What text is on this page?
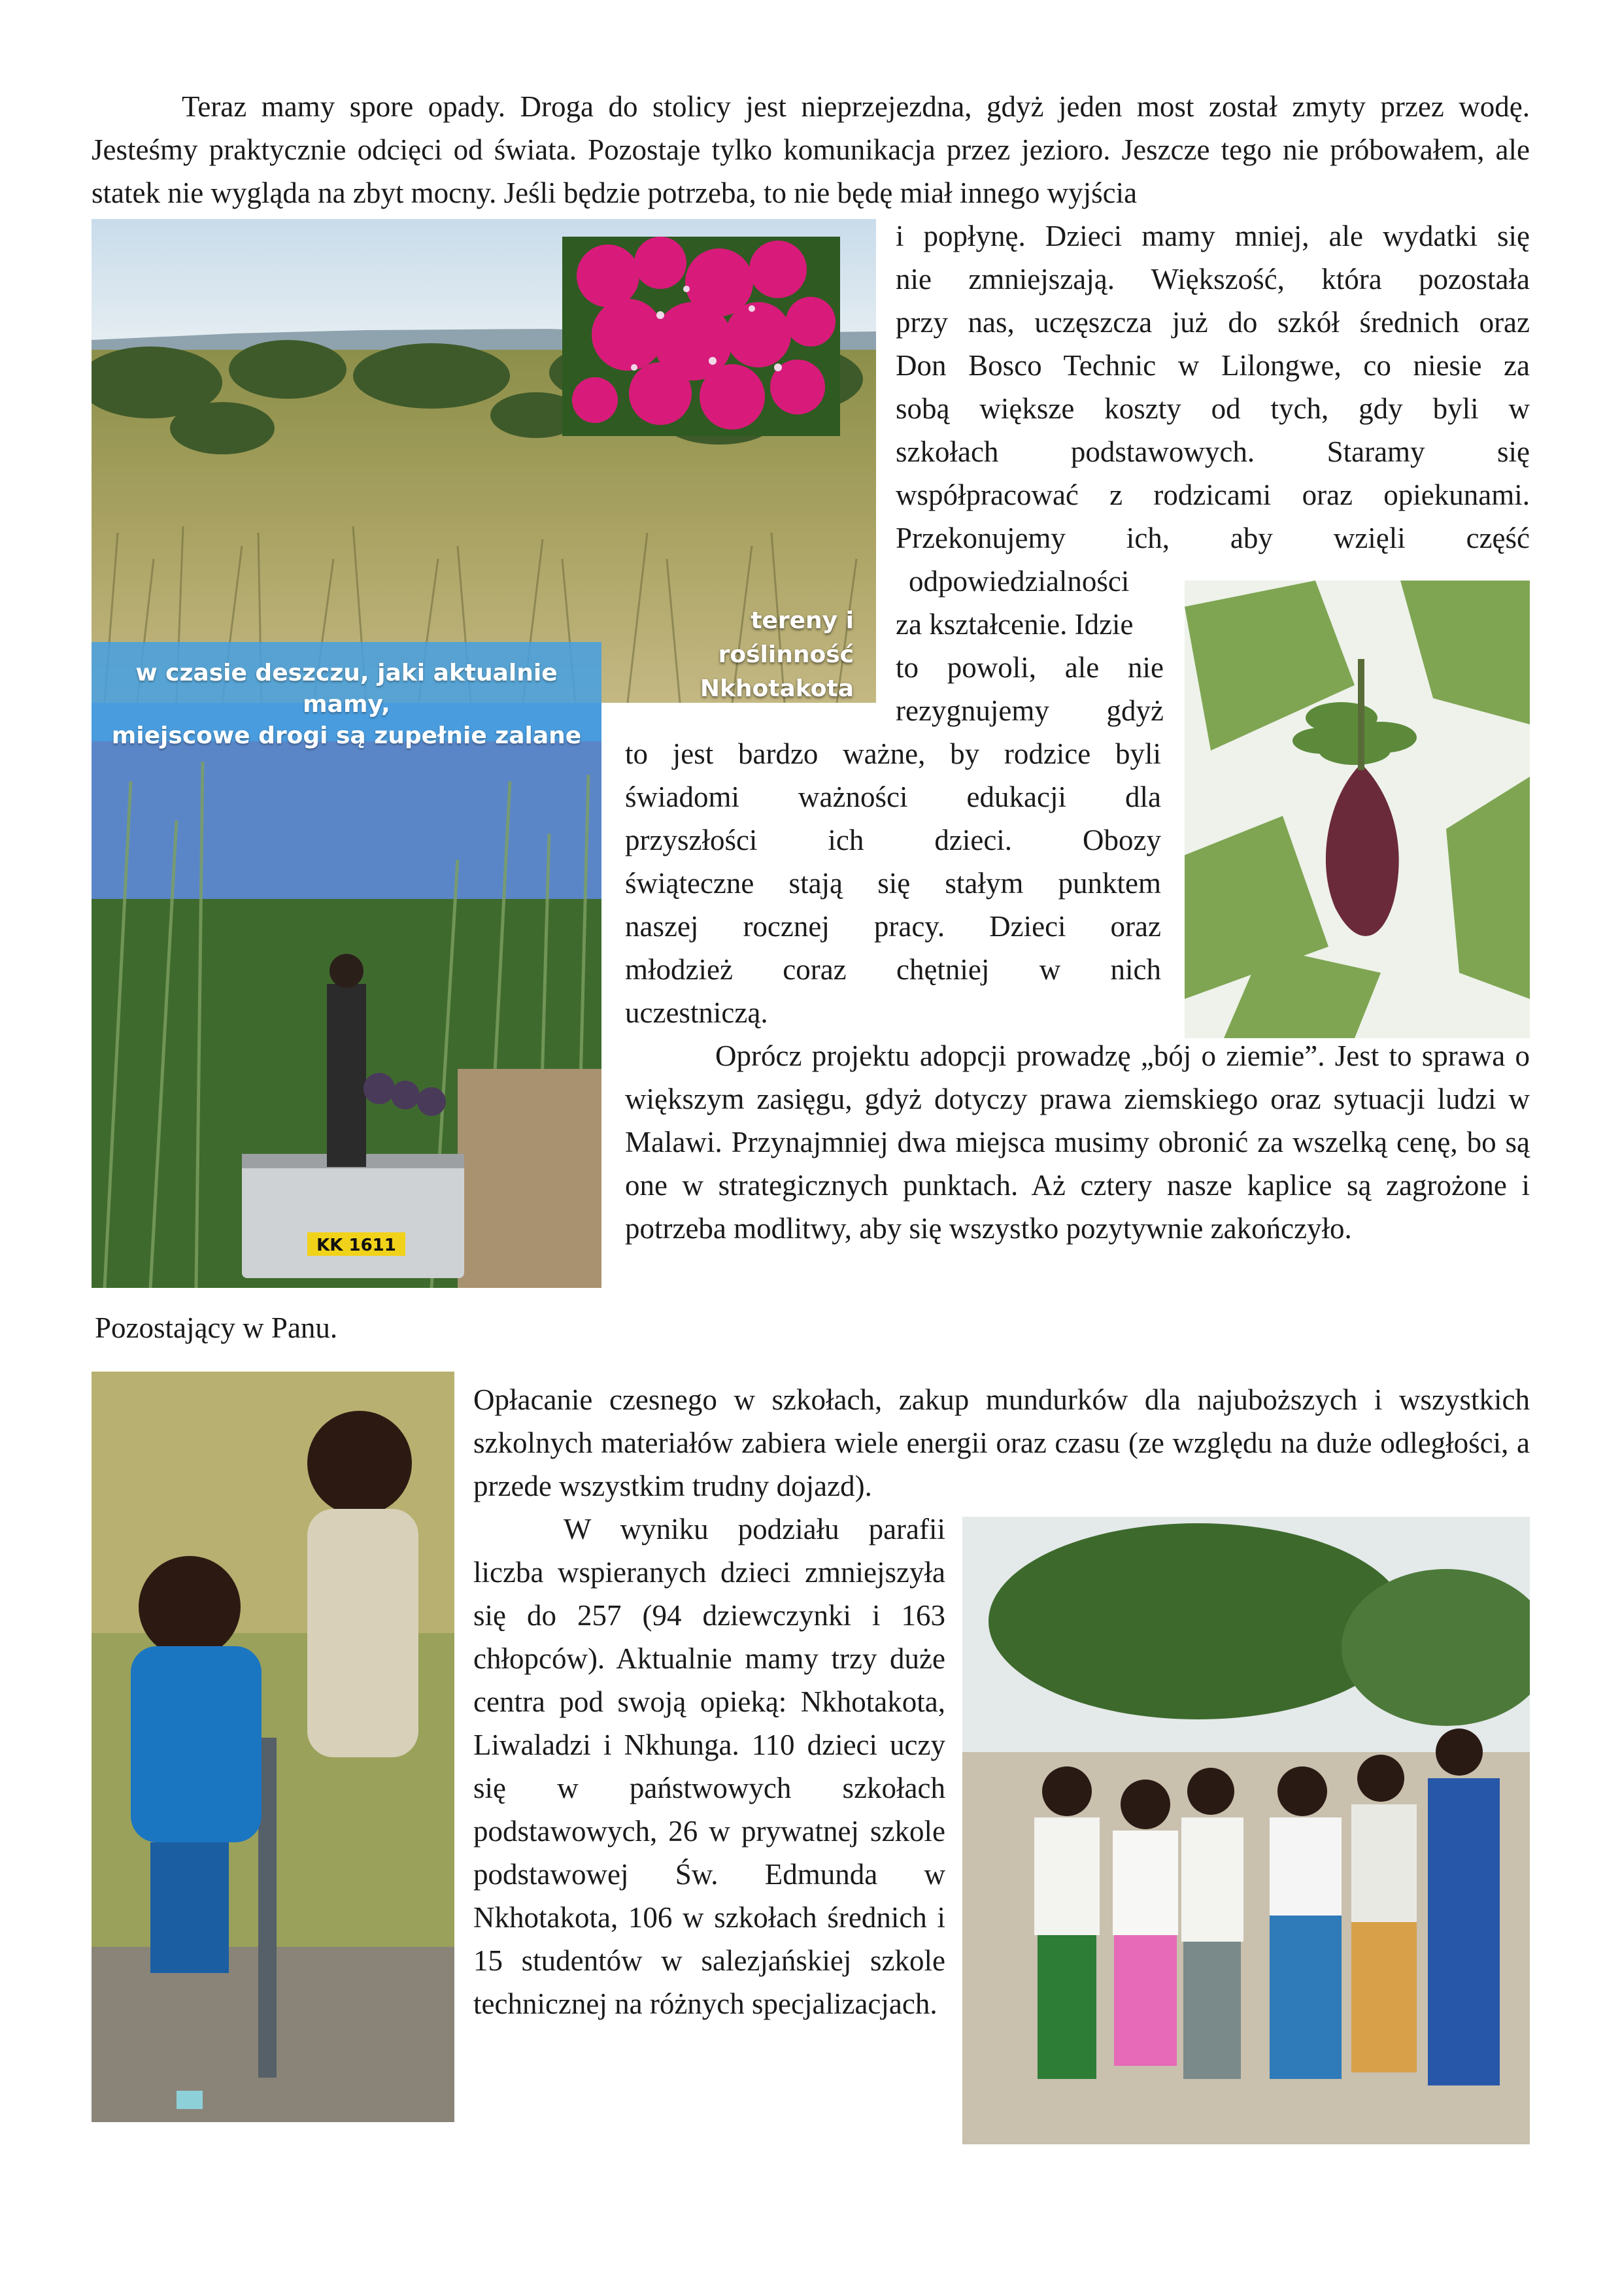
Teraz mamy spore opady. Droga do stolicy jest nieprzejezdna, gdyż jeden most został zmyty przez wodę. Jesteśmy praktycznie odcięci od świata. Pozostaje tylko komunikacja przez jezioro. Jeszcze tego nie próbowałem, ale statek nie wygląda na zbyt mocny. Jeśli będzie potrzeba, to nie będę miał innego wyjścia
tereny i roślinność
Nkhotakota
KK 1611
w czasie deszczu, jaki aktualnie mamy,
miejscowe drogi są zupełnie zalane
i popłynę. Dzieci mamy mniej, ale wydatki się
nie zmniejszają. Większość, która pozostała
przy nas, uczęszcza już do szkół średnich oraz
Don Bosco Technic w Lilongwe, co niesie za
sobą większe koszty od tych, gdy byli w
szkołach podstawowych. Staramy się
współpracować z rodzicami oraz opiekunami.
Przekonujemy ich, aby wzięli część
odpowiedzialności
za kształcenie. Idzie
to powoli, ale nie
rezygnujemy gdyż
to jest bardzo ważne, by rodzice byli
świadomi ważności edukacji dla
przyszłości ich dzieci. Obozy
świąteczne stają się stałym punktem
naszej rocznej pracy. Dzieci oraz
młodzież coraz chętniej w nich
uczestniczą.
Oprócz projektu adopcji prowadzę „bój o ziemie”. Jest to sprawa o większym zasięgu, gdyż dotyczy prawa ziemskiego oraz sytuacji ludzi w Malawi. Przynajmniej dwa miejsca musimy obronić za wszelką cenę, bo są one w strategicznych punktach. Aż cztery nasze kaplice są zagrożone i potrzeba modlitwy, aby się wszystko pozytywnie zakończyło.
Pozostający w Panu.
Opłacanie czesnego w szkołach, zakup mundurków dla najuboższych i wszystkich szkolnych materiałów zabiera wiele energii oraz czasu (ze względu na duże odległości, a przede wszystkim trudny dojazd).
W wyniku podziału parafii liczba wspieranych dzieci zmniejszyła się do 257 (94 dziewczynki i 163 chłopców). Aktualnie mamy trzy duże centra pod swoją opieką: Nkhotakota, Liwaladzi i Nkhunga. 110 dzieci uczy się w państwowych szkołach podstawowych, 26 w prywatnej szkole podstawowej Św. Edmunda w Nkhotakota, 106 w szkołach średnich i 15 studentów w salezjańskiej szkole technicznej na różnych specjalizacjach.
